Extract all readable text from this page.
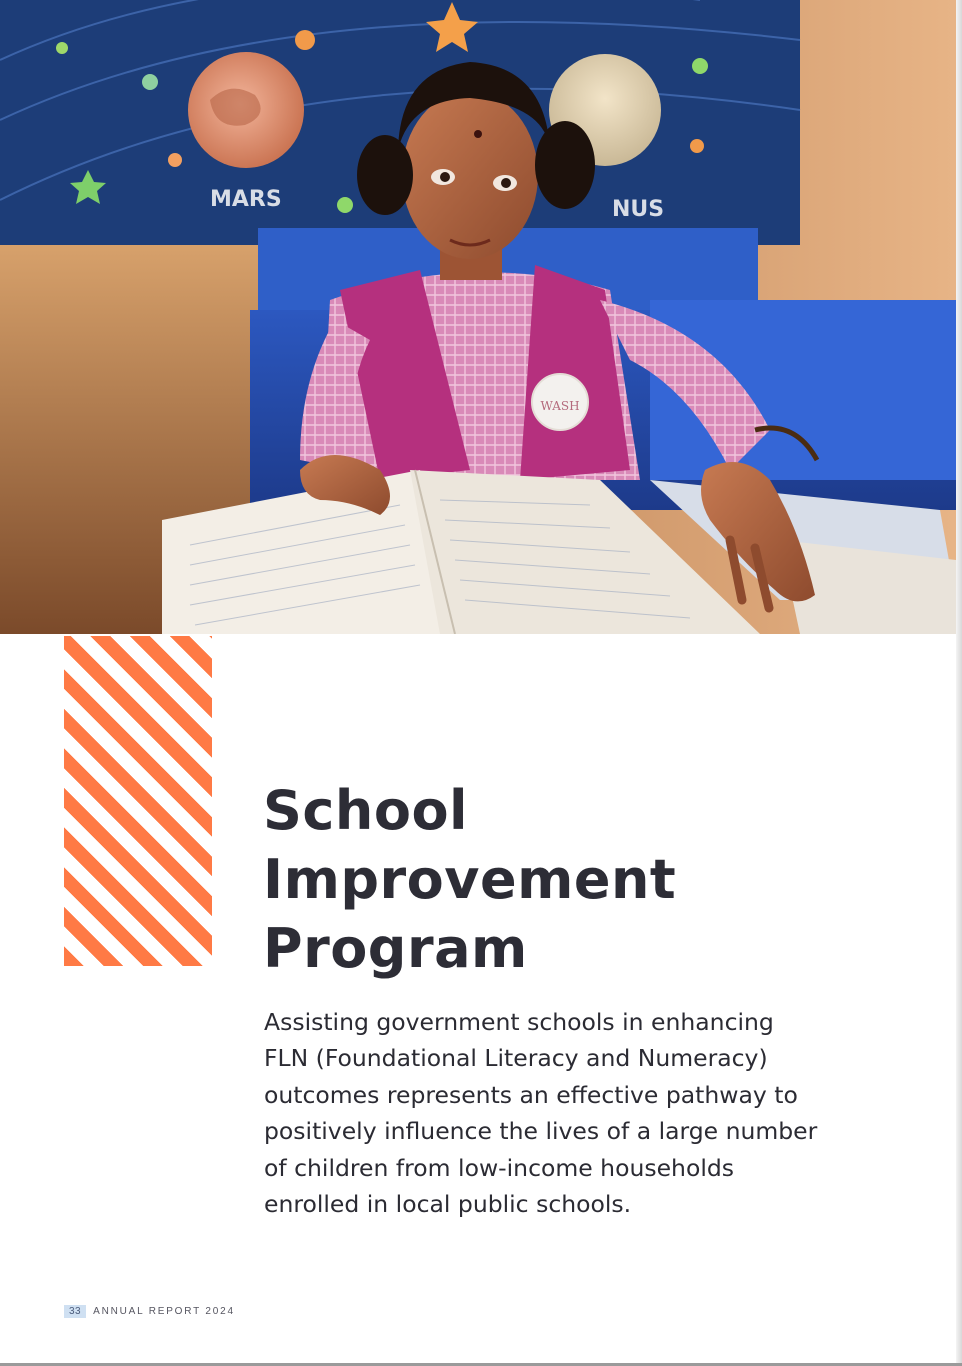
MARS	NUS
WASH
School
Improvement
Program

Assisting government schools in enhancing
FLN (Foundational Literacy and Numeracy)
outcomes represents an effective pathway to
positively influence the lives of a large number
of children from low-income households
enrolled in local public schools.

33	ANNUAL REPORT 2024
